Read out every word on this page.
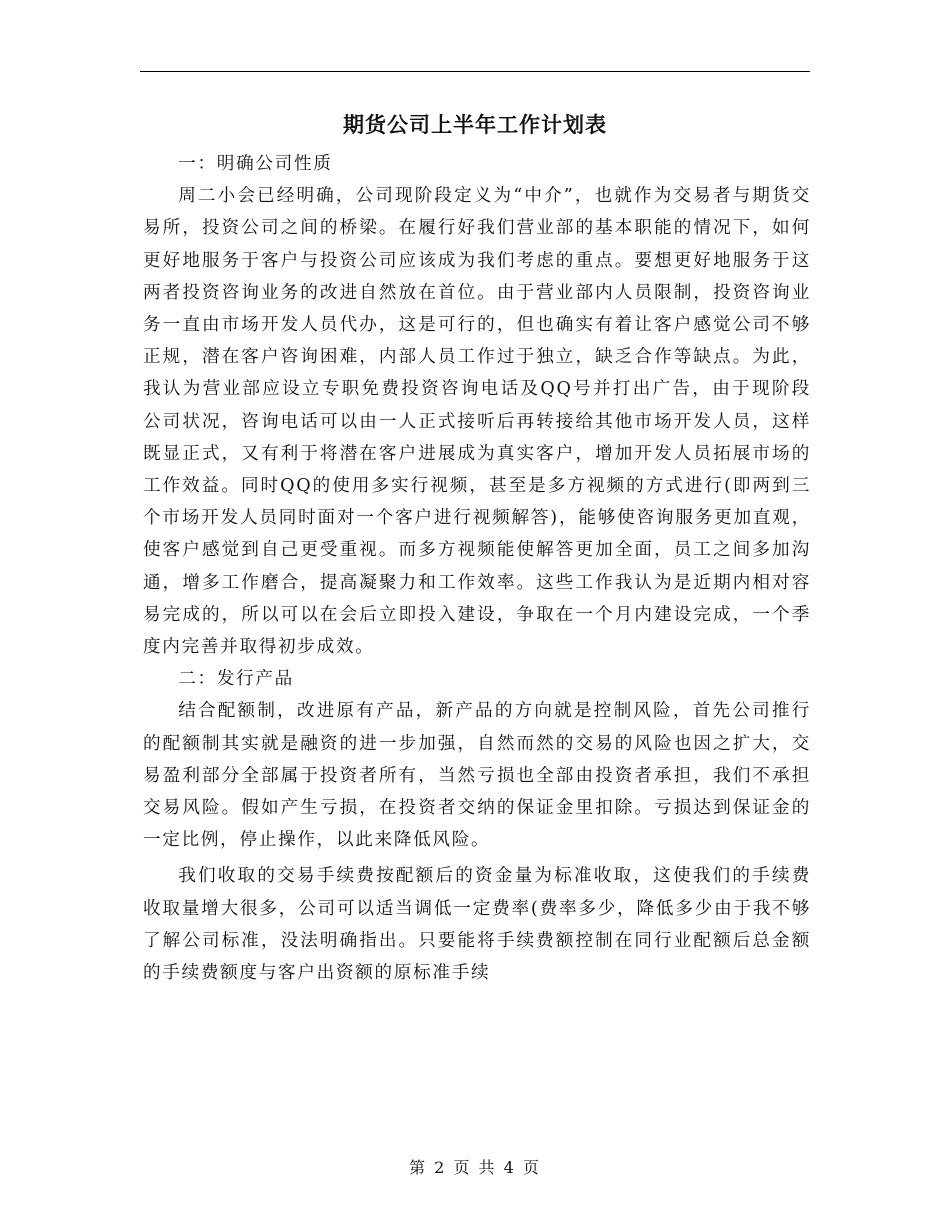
期货公司上半年工作计划表

一：明确公司性质

周二小会已经明确，公司现阶段定义为“中介”，也就作为交易者与期货交易所，投资公司之间的桥梁。在履行好我们营业部的基本职能的情况下，如何更好地服务于客户与投资公司应该成为我们考虑的重点。要想更好地服务于这两者投资咨询业务的改进自然放在首位。由于营业部内人员限制，投资咨询业务一直由市场开发人员代办，这是可行的，但也确实有着让客户感觉公司不够正规，潜在客户咨询困难，内部人员工作过于独立，缺乏合作等缺点。为此，我认为营业部应设立专职免费投资咨询电话及QQ号并打出广告，由于现阶段公司状况，咨询电话可以由一人正式接听后再转接给其他市场开发人员，这样既显正式，又有利于将潜在客户进展成为真实客户，增加开发人员拓展市场的工作效益。同时QQ的使用多实行视频，甚至是多方视频的方式进行(即两到三个市场开发人员同时面对一个客户进行视频解答)，能够使咨询服务更加直观，使客户感觉到自己更受重视。而多方视频能使解答更加全面，员工之间多加沟通，增多工作磨合，提高凝聚力和工作效率。这些工作我认为是近期内相对容易完成的，所以可以在会后立即投入建设，争取在一个月内建设完成，一个季度内完善并取得初步成效。

二：发行产品

结合配额制，改进原有产品，新产品的方向就是控制风险，首先公司推行的配额制其实就是融资的进一步加强，自然而然的交易的风险也因之扩大，交易盈利部分全部属于投资者所有，当然亏损也全部由投资者承担，我们不承担交易风险。假如产生亏损，在投资者交纳的保证金里扣除。亏损达到保证金的一定比例，停止操作，以此来降低风险。

我们收取的交易手续费按配额后的资金量为标准收取，这使我们的手续费收取量增大很多，公司可以适当调低一定费率(费率多少，降低多少由于我不够了解公司标准，没法明确指出。只要能将手续费额控制在同行业配额后总金额的手续费额度与客户出资额的原标准手续

第 2 页 共 4 页
